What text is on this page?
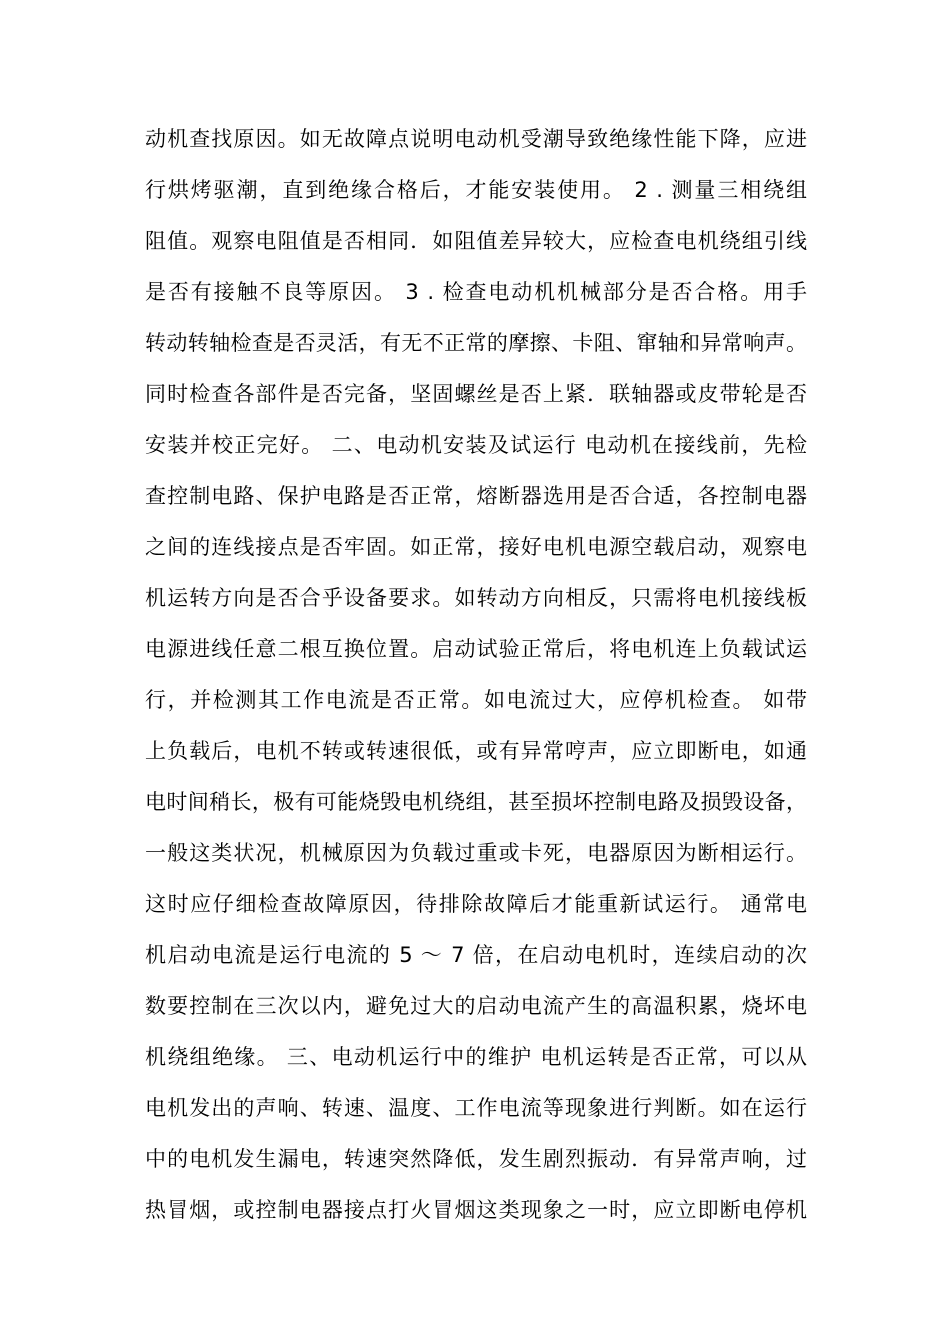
动机查找原因。如无故障点说明电动机受潮导致绝缘性能下降，应进
行烘烤驱潮，直到绝缘合格后，才能安装使用。 2 . 测量三相绕组
阻值。观察电阻值是否相同．如阻值差异较大，应检查电机绕组引线
是否有接触不良等原因。 3 . 检查电动机机械部分是否合格。用手
转动转轴检查是否灵活，有无不正常的摩擦、卡阻、窜轴和异常响声。
同时检查各部件是否完备，坚固螺丝是否上紧．联轴器或皮带轮是否
安装并校正完好。 二、电动机安装及试运行 电动机在接线前，先检
查控制电路、保护电路是否正常，熔断器选用是否合适，各控制电器
之间的连线接点是否牢固。如正常，接好电机电源空载启动，观察电
机运转方向是否合乎设备要求。如转动方向相反，只需将电机接线板
电源进线任意二根互换位置。启动试验正常后，将电机连上负载试运
行，并检测其工作电流是否正常。如电流过大，应停机检查。 如带
上负载后，电机不转或转速很低，或有异常哼声，应立即断电，如通
电时间稍长，极有可能烧毁电机绕组，甚至损坏控制电路及损毁设备，
一般这类状况，机械原因为负载过重或卡死，电器原因为断相运行。
这时应仔细检查故障原因，待排除故障后才能重新试运行。 通常电
机启动电流是运行电流的 5 ～ 7 倍，在启动电机时，连续启动的次
数要控制在三次以内，避免过大的启动电流产生的高温积累，烧坏电
机绕组绝缘。 三、电动机运行中的维护 电机运转是否正常，可以从
电机发出的声响、转速、温度、工作电流等现象进行判断。如在运行
中的电机发生漏电，转速突然降低，发生剧烈振动．有异常声响，过
热冒烟，或控制电器接点打火冒烟这类现象之一时，应立即断电停机
